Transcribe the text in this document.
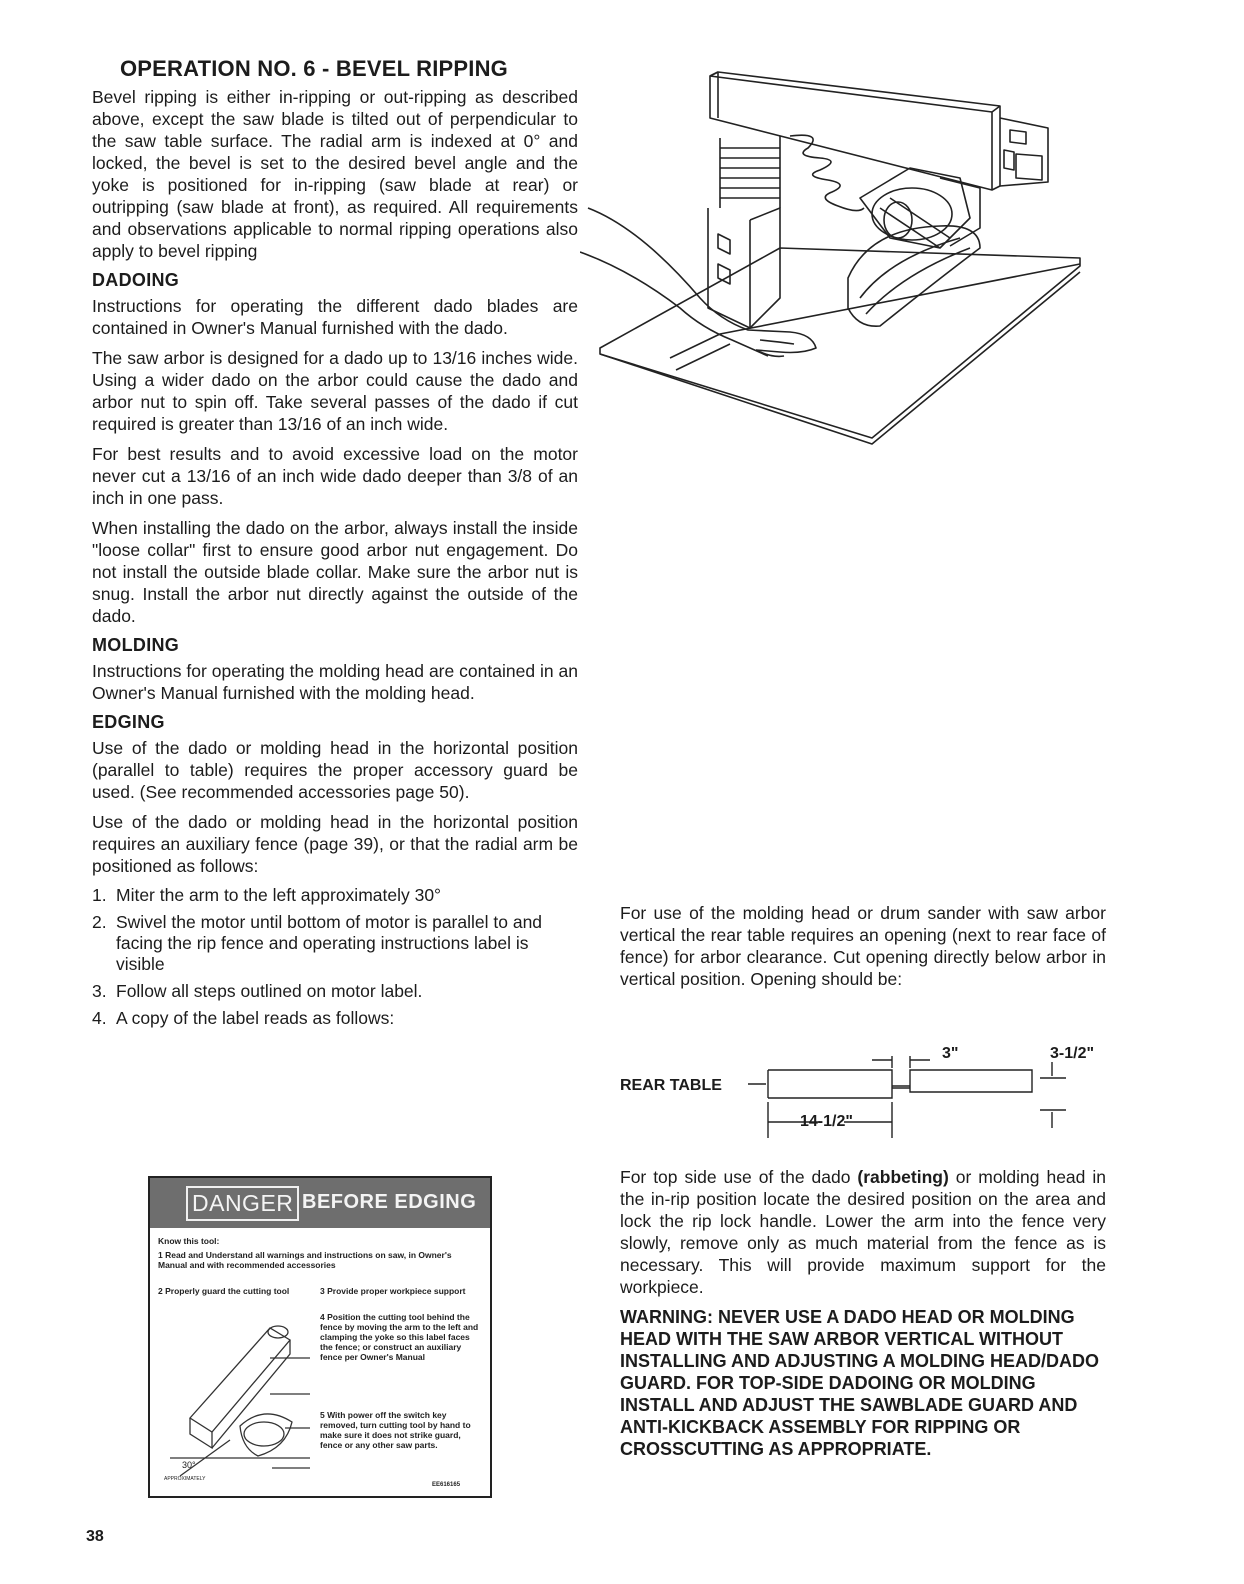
OPERATION NO. 6 - BEVEL RIPPING

Bevel ripping is either in-ripping or out-ripping as described above, except the saw blade is tilted out of perpendicular to the saw table surface. The radial arm is indexed at 0° and locked, the bevel is set to the desired bevel angle and the yoke is positioned for in-ripping (saw blade at rear) or outripping (saw blade at front), as required. All requirements and observations applicable to normal ripping operations also apply to bevel ripping

DADOING

Instructions for operating the different dado blades are contained in Owner's Manual furnished with the dado.

The saw arbor is designed for a dado up to 13/16 inches wide. Using a wider dado on the arbor could cause the dado and arbor nut to spin off. Take several passes of the dado if cut required is greater than 13/16 of an inch wide.

For best results and to avoid excessive load on the motor never cut a 13/16 of an inch wide dado deeper than 3/8 of an inch in one pass.

When installing the dado on the arbor, always install the inside "loose collar" first to ensure good arbor nut engagement. Do not install the outside blade collar. Make sure the arbor nut is snug. Install the arbor nut directly against the outside of the dado.

MOLDING

Instructions for operating the molding head are contained in an Owner's Manual furnished with the molding head.

EDGING

Use of the dado or molding head in the horizontal position (parallel to table) requires the proper accessory guard be used. (See recommended accessories page 50).

Use of the dado or molding head in the horizontal position requires an auxiliary fence (page 39), or that the radial arm be positioned as follows:

1. Miter the arm to the left approximately 30°
2. Swivel the motor until bottom of motor is parallel to and facing the rip fence and operating instructions label is visible
3. Follow all steps outlined on motor label.
4. A copy of the label reads as follows:
DANGER BEFORE EDGING
Know this tool:
1 Read and Understand all warnings and instructions on saw, in Owner's Manual and with recommended accessories
2 Properly guard the cutting tool	3 Provide proper workpiece support
4 Position the cutting tool behind the fence by moving the arm to the left and clamping the yoke so this label faces the fence; or construct an auxiliary fence per Owner's Manual
5 With power off the switch key removed, turn cutting tool by hand to make sure it does not strike guard, fence or any other saw parts.
30°
APPROXIMATELY
EE616165

For use of the molding head or drum sander with saw arbor vertical the rear table requires an opening (next to rear face of fence) for arbor clearance. Cut opening directly below arbor in vertical position. Opening should be:

REAR TABLE
3"	3-1/2"
14-1/2"

For top side use of the dado (rabbeting) or molding head in the in-rip position locate the desired position on the area and lock the rip lock handle. Lower the arm into the fence very slowly, remove only as much material from the fence as is necessary. This will provide maximum support for the workpiece.

WARNING: NEVER USE A DADO HEAD OR MOLDING HEAD WITH THE SAW ARBOR VERTICAL WITHOUT INSTALLING AND ADJUSTING A MOLDING HEAD/DADO GUARD. FOR TOP-SIDE DADOING OR MOLDING INSTALL AND ADJUST THE SAWBLADE GUARD AND ANTI-KICKBACK ASSEMBLY FOR RIPPING OR CROSSCUTTING AS APPROPRIATE.

38
